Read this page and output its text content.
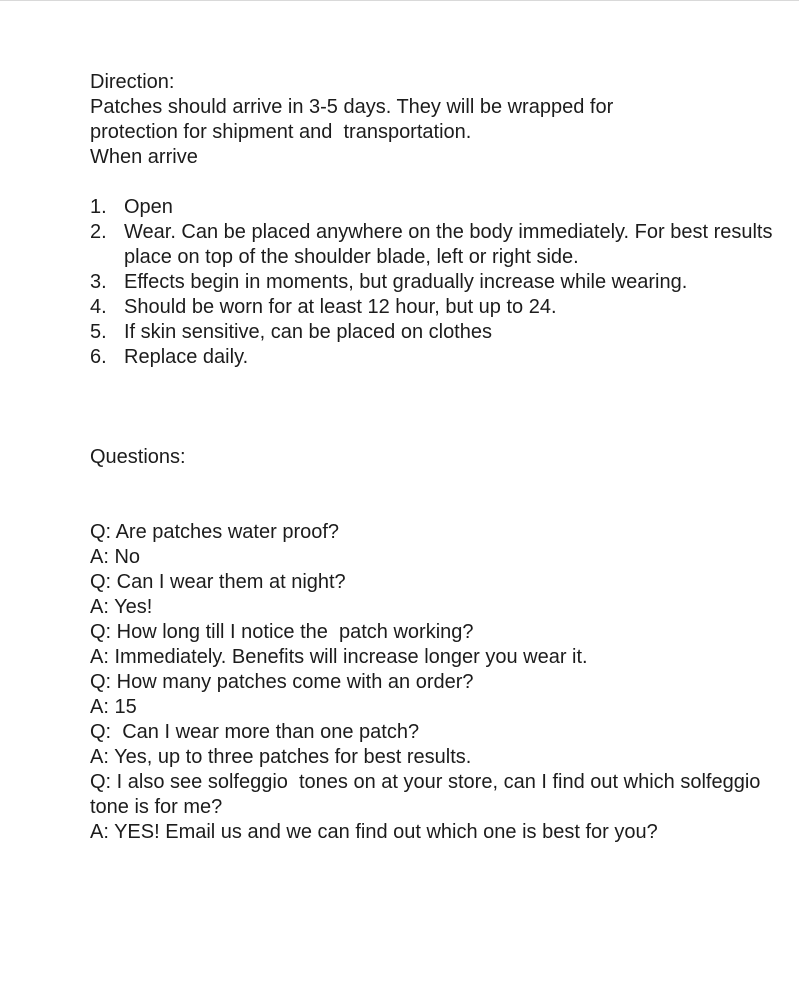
Direction:

Patches should arrive in 3-5 days. They will be wrapped for

protection for shipment and  transportation.

When arrive

1. Open
2. Wear. Can be placed anywhere on the body immediately. For best results place on top of the shoulder blade, left or right side.
3. Effects begin in moments, but gradually increase while wearing.
4. Should be worn for at least 12 hour, but up to 24.
5. If skin sensitive, can be placed on clothes
6. Replace daily.

Questions:

Q: Are patches water proof?

A: No

Q: Can I wear them at night?

A: Yes!

Q: How long till I notice the  patch working?

A: Immediately. Benefits will increase longer you wear it.

Q: How many patches come with an order?

A: 15

Q:  Can I wear more than one patch?

A: Yes, up to three patches for best results.

Q: I also see solfeggio  tones on at your store, can I find out which solfeggio tone is for me?

A: YES! Email us and we can find out which one is best for you?
